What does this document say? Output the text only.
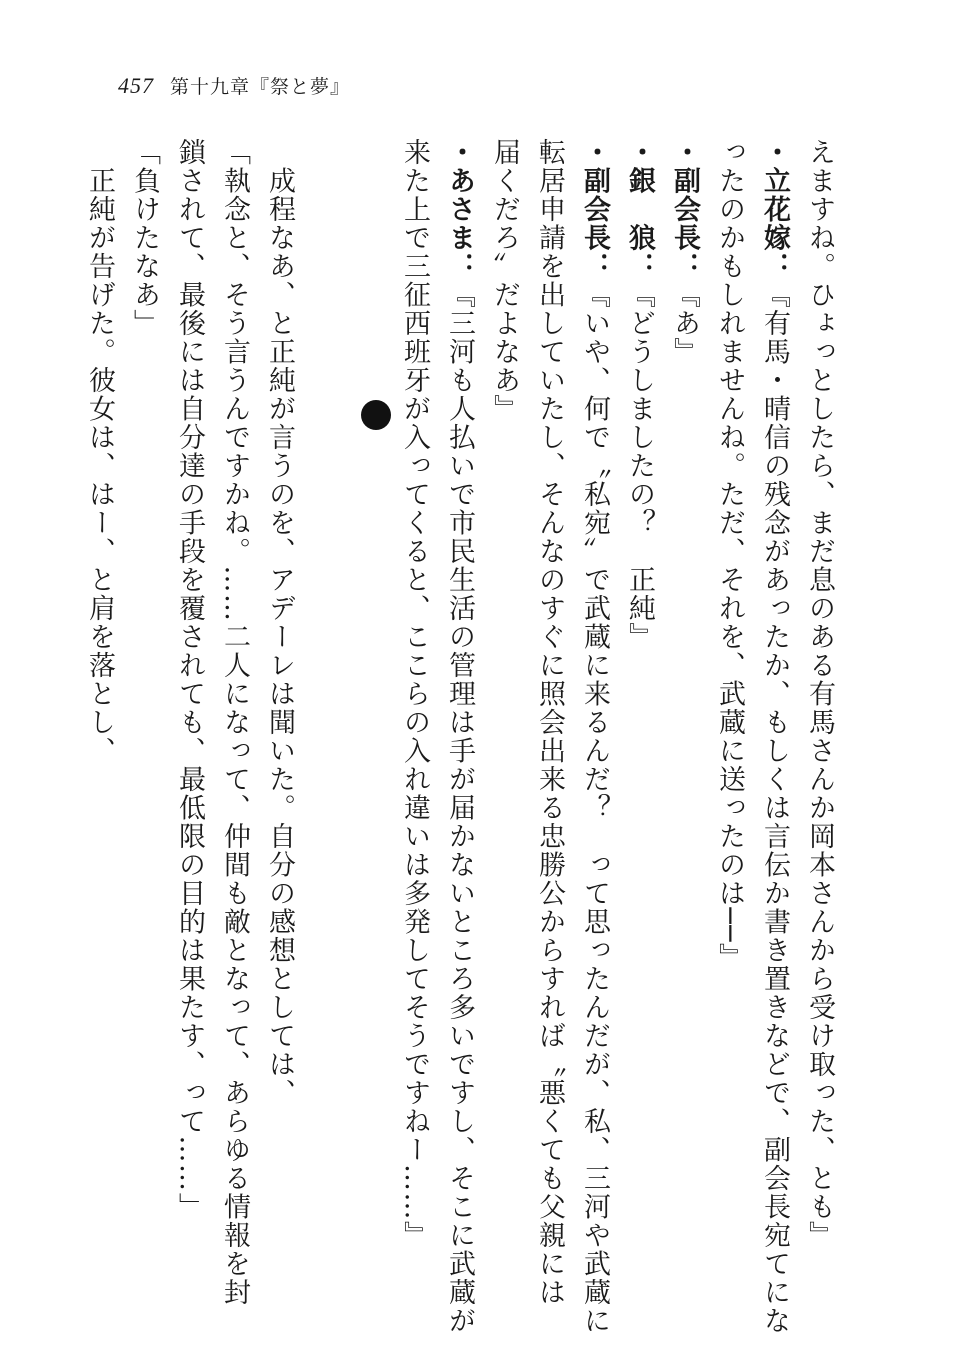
457 第十九章『祭と夢』
えますね。ひょっとしたら、まだ息のある有馬さんか岡本さんから受け取った、とも』
・立花嫁：『有馬・晴信の残念があったか、もしくは言伝か書き置きなどで、副会長宛てにな
ったのかもしれませんね。ただ、それを、武蔵に送ったのは──』
・副会長：『あ』
・銀　狼：『どうしましたの？　正純』
・副会長：『いや、何で〝私宛〟で武蔵に来るんだ？　って思ったんだが、私、三河や武蔵に
転居申請を出していたし、そんなのすぐに照会出来る忠勝公からすれば〝悪くても父親には
届くだろ〟だよなあ』
・あさま：『三河も人払いで市民生活の管理は手が届かないところ多いですし、そこに武蔵が
来た上で三征西班牙が入ってくると、ここらの入れ違いは多発してそうですねー……』
　成程なあ、と正純が言うのを、アデーレは聞いた。自分の感想としては、
「執念と、そう言うんですかね。……二人になって、仲間も敵となって、あらゆる情報を封
鎖されて、最後には自分達の手段を覆されても、最低限の目的は果たす、って……」
「負けたなあ」
　正純が告げた。彼女は、はー、と肩を落とし、
